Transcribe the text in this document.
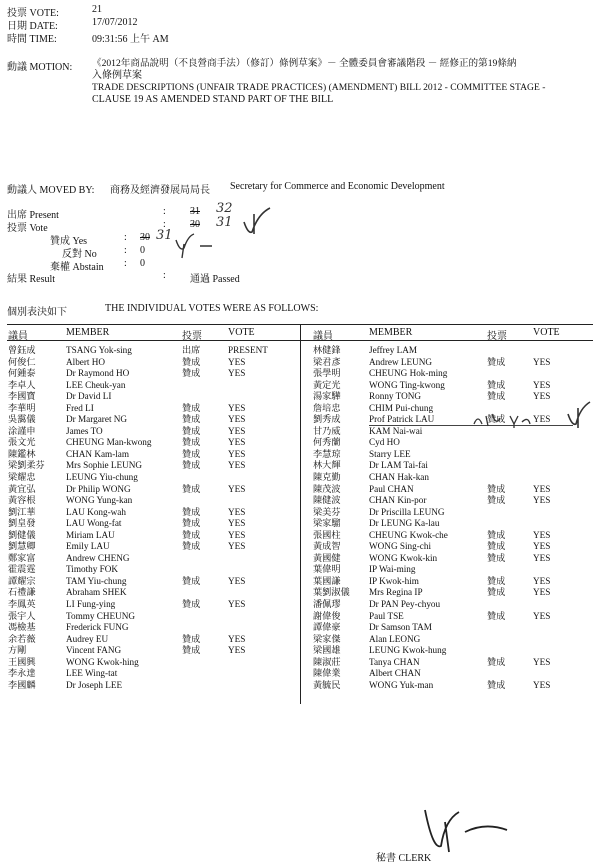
投票 VOTE:	21
日期 DATE:	17/07/2012
時間 TIME:	09:31:56 上午 AM
動議 MOTION: 《2012年商品說明（不良營商手法）（修訂）條例草案》－ 全體委員會審議階段 － 經修正的第19條納
入條例草案
TRADE DESCRIPTIONS (UNFAIR TRADE PRACTICES) (AMENDMENT) BILL 2012 - COMMITTEE STAGE -
CLAUSE 19 AS AMENDED STAND PART OF THE BILL
動議人 MOVED BY: 商務及經濟發展局局長 Secretary for Commerce and Economic Development
出席 Present	: 31 32
投票 Vote	: 30 31
贊成 Yes	: 30 31
反對 No	: 0
棄權 Abstain : 0
結果 Result	: 通過 Passed
個別表決如下	THE INDIVIDUAL VOTES WERE AS FOLLOWS:
議員	MEMBER	投票	VOTE	議員	MEMBER	投票	VOTE
曾鈺成	TSANG Yok-sing	出席	PRESENT
何俊仁	Albert HO	贊成	YES
何鍾泰	Dr Raymond HO	贊成	YES
李卓人	LEE Cheuk-yan		
李國寶	Dr David LI		
李華明	Fred LI	贊成	YES
吳靄儀	Dr Margaret NG	贊成	YES
涂謹申	James TO	贊成	YES
張文光	CHEUNG Man-kwong	贊成	YES
陳鑑林	CHAN Kam-lam	贊成	YES
梁劉柔芬	Mrs Sophie LEUNG	贊成	YES
梁耀忠	LEUNG Yiu-chung		
黃宜弘	Dr Philip WONG	贊成	YES
黃容根	WONG Yung-kan		
劉江華	LAU Kong-wah	贊成	YES
劉皇發	LAU Wong-fat	贊成	YES
劉健儀	Miriam LAU	贊成	YES
劉慧卿	Emily LAU	贊成	YES
鄭家富	Andrew CHENG		
霍震霆	Timothy FOK		
譚耀宗	TAM Yiu-chung	贊成	YES
石禮謙	Abraham SHEK		
李鳳英	LI Fung-ying	贊成	YES
張宇人	Tommy CHEUNG		
馮檢基	Frederick FUNG		
余若薇	Audrey EU	贊成	YES
方剛	Vincent FANG	贊成	YES
王國興	WONG Kwok-hing		
李永達	LEE Wing-tat		
李國麟	Dr Joseph LEE		
林健鋒	Jeffrey LAM		
梁君彥	Andrew LEUNG	贊成	YES
張學明	CHEUNG Hok-ming		
黃定光	WONG Ting-kwong	贊成	YES
湯家驊	Ronny TONG	贊成	YES
詹培忠	CHIM Pui-chung		
劉秀成	Prof Patrick LAU	贊成	YES
甘乃威	KAM Nai-wai		
何秀蘭	Cyd HO		
李慧琼	Starry LEE		
林大輝	Dr LAM Tai-fai		
陳克勤	CHAN Hak-kan		
陳茂波	Paul CHAN	贊成	YES
陳健波	CHAN Kin-por	贊成	YES
梁美芬	Dr Priscilla LEUNG		
梁家騮	Dr LEUNG Ka-lau		
張國柱	CHEUNG Kwok-che	贊成	YES
黃成智	WONG Sing-chi	贊成	YES
黃國健	WONG Kwok-kin	贊成	YES
葉偉明	IP Wai-ming		
葉國謙	IP Kwok-him	贊成	YES
葉劉淑儀	Mrs Regina IP	贊成	YES
潘佩璆	Dr PAN Pey-chyou		
謝偉俊	Paul TSE	贊成	YES
譚偉豪	Dr Samson TAM		
梁家傑	Alan LEONG		
梁國雄	LEUNG Kwok-hung		
陳淑莊	Tanya CHAN	贊成	YES
陳偉業	Albert CHAN		
黃毓民	WONG Yuk-man	贊成	YES
秘書 CLERK
